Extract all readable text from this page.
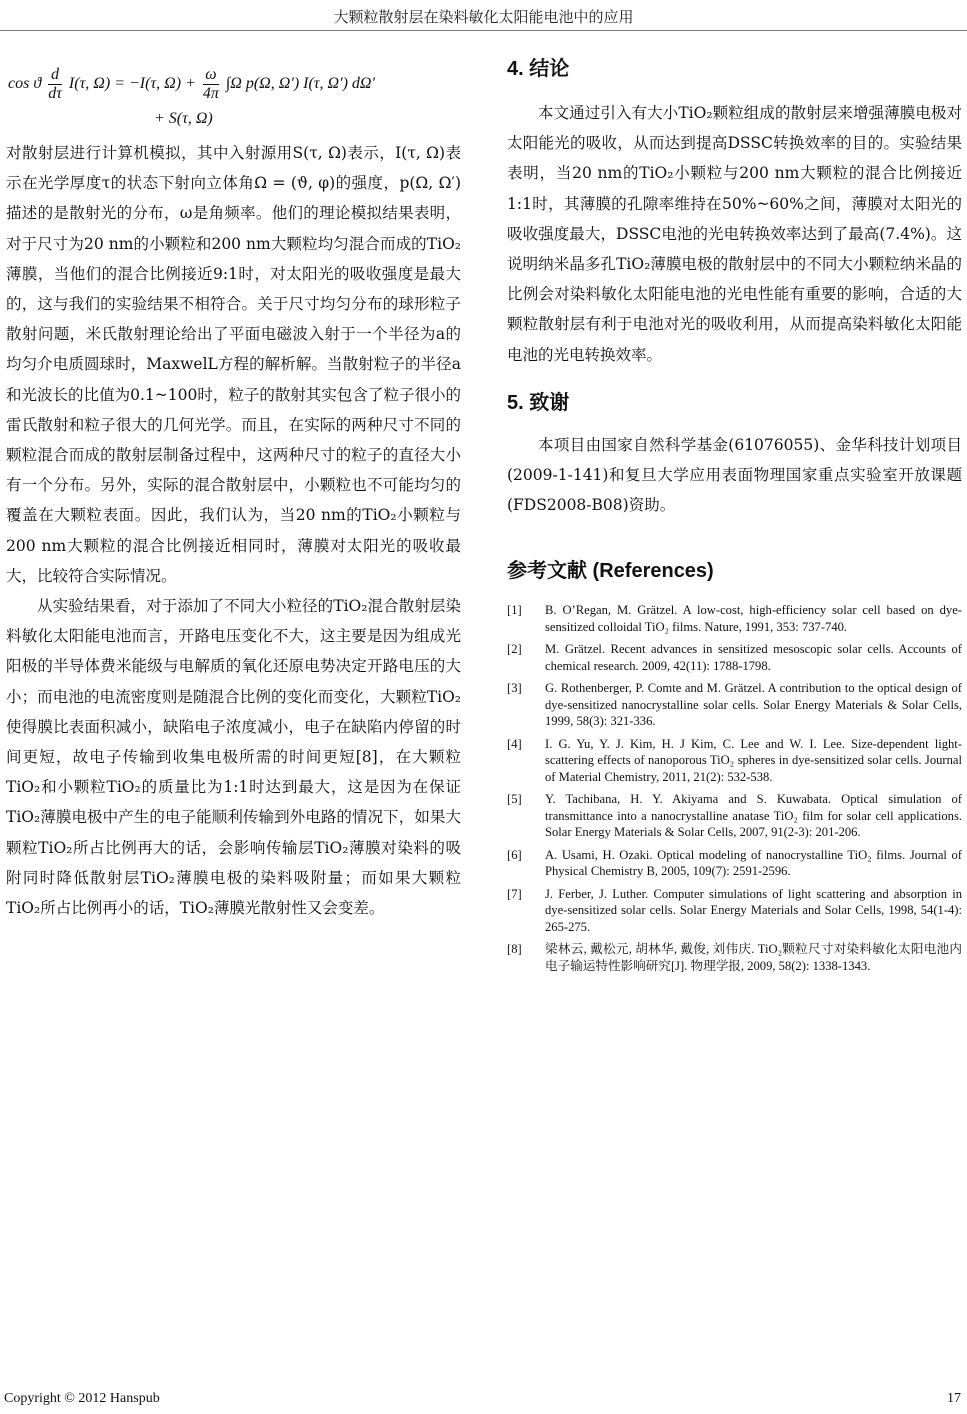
大颗粒散射层在染料敏化太阳能电池中的应用
cos ϑ $\frac{d}{d\tau} I(\tau$, Ω) = −I(τ, $\Omega) + \frac{\omega}{4\pi} \int\Omega$ p(Ω, Ω′) I(τ, Ω′) dΩ′
+ S(τ, Ω)

对散射层进行计算机模拟，其中入射源用S(τ, Ω)表示，I(τ, Ω)表示在光学厚度τ的状态下射向立体角Ω = (ϑ, φ)的强度，p(Ω, Ω′)描述的是散射光的分布，ω是角频率。他们的理论模拟结果表明，对于尺寸为20 nm的小颗粒和200 nm大颗粒均匀混合而成的TiO₂薄膜，当他们的混合比例接近9:1时，对太阳光的吸收强度是最大的，这与我们的实验结果不相符合。关于尺寸均匀分布的球形粒子散射问题，米氏散射理论给出了平面电磁波入射于一个半径为a的均匀介电质圆球时，MaxwelL方程的解析解。当散射粒子的半径a和光波长的比值为0.1~100时，粒子的散射其实包含了粒子很小的雷氏散射和粒子很大的几何光学。而且，在实际的两种尺寸不同的颗粒混合而成的散射层制备过程中，这两种尺寸的粒子的直径大小有一个分布。另外，实际的混合散射层中，小颗粒也不可能均匀的覆盖在大颗粒表面。因此，我们认为，当20 nm的TiO₂小颗粒与200 nm大颗粒的混合比例接近相同时，薄膜对太阳光的吸收最大，比较符合实际情况。

从实验结果看，对于添加了不同大小粒径的TiO₂混合散射层染料敏化太阳能电池而言，开路电压变化不大，这主要是因为组成光阳极的半导体费米能级与电解质的氧化还原电势决定开路电压的大小；而电池的电流密度则是随混合比例的变化而变化，大颗粒TiO₂使得膜比表面积减小，缺陷电子浓度减小，电子在缺陷内停留的时间更短，故电子传输到收集电极所需的时间更短[8]，在大颗粒TiO₂和小颗粒TiO₂的质量比为1:1时达到最大，这是因为在保证TiO₂薄膜电极中产生的电子能顺利传输到外电路的情况下，如果大颗粒TiO₂所占比例再大的话，会影响传输层TiO₂薄膜对染料的吸附同时降低散射层TiO₂薄膜电极的染料吸附量；而如果大颗粒TiO₂所占比例再小的话，TiO₂薄膜光散射性又会变差。

4. 结论

本文通过引入有大小TiO₂颗粒组成的散射层来增强薄膜电极对太阳能光的吸收，从而达到提高DSSC转换效率的目的。实验结果表明，当20 nm的TiO₂小颗粒与200 nm大颗粒的混合比例接近1:1时，其薄膜的孔隙率维持在50%~60%之间，薄膜对太阳光的吸收强度最大，DSSC电池的光电转换效率达到了最高(7.4%)。这说明纳米晶多孔TiO₂薄膜电极的散射层中的不同大小颗粒纳米晶的比例会对染料敏化太阳能电池的光电性能有重要的影响，合适的大颗粒散射层有利于电池对光的吸收利用，从而提高染料敏化太阳能电池的光电转换效率。

5. 致谢

本项目由国家自然科学基金(61076055)、金华科技计划项目(2009-1-141)和复旦大学应用表面物理国家重点实验室开放课题(FDS2008-B08)资助。

参考文献 (References)
[1]	B. O’Regan, M. Grätzel. A low-cost, high-efficiency solar cell based on dye-sensitized colloidal TiO₂ films. Nature, 1991, 353: 737-740.
[2]	M. Grätzel. Recent advances in sensitized mesoscopic solar cells. Accounts of chemical research. 2009, 42(11): 1788-1798.
[3]	G. Rothenberger, P. Comte and M. Grätzel. A contribution to the optical design of dye-sensitized nanocrystalline solar cells. Solar Energy Materials & Solar Cells, 1999, 58(3): 321-336.
[4]	I. G. Yu, Y. J. Kim, H. J Kim, C. Lee and W. I. Lee. Size-dependent light-scattering effects of nanoporous TiO₂ spheres in dye-sensitized solar cells. Journal of Material Chemistry, 2011, 21(2): 532-538.
[5]	Y. Tachibana, H. Y. Akiyama and S. Kuwabata. Optical simulation of transmittance into a nanocrystalline anatase TiO₂ film for solar cell applications. Solar Energy Materials & Solar Cells, 2007, 91(2-3): 201-206.
[6]	A. Usami, H. Ozaki. Optical modeling of nanocrystalline TiO₂ films. Journal of Physical Chemistry B, 2005, 109(7): 2591-2596.
[7]	J. Ferber, J. Luther. Computer simulations of light scattering and absorption in dye-sensitized solar cells. Solar Energy Materials and Solar Cells, 1998, 54(1-4): 265-275.
[8]	梁林云, 戴松元, 胡林华, 戴俊, 刘伟庆. TiO₂颗粒尺寸对染料敏化太阳电池内电子输运特性影响研究[J]. 物理学报, 2009, 58(2): 1338-1343.
Copyright © 2012 Hanspub	17
